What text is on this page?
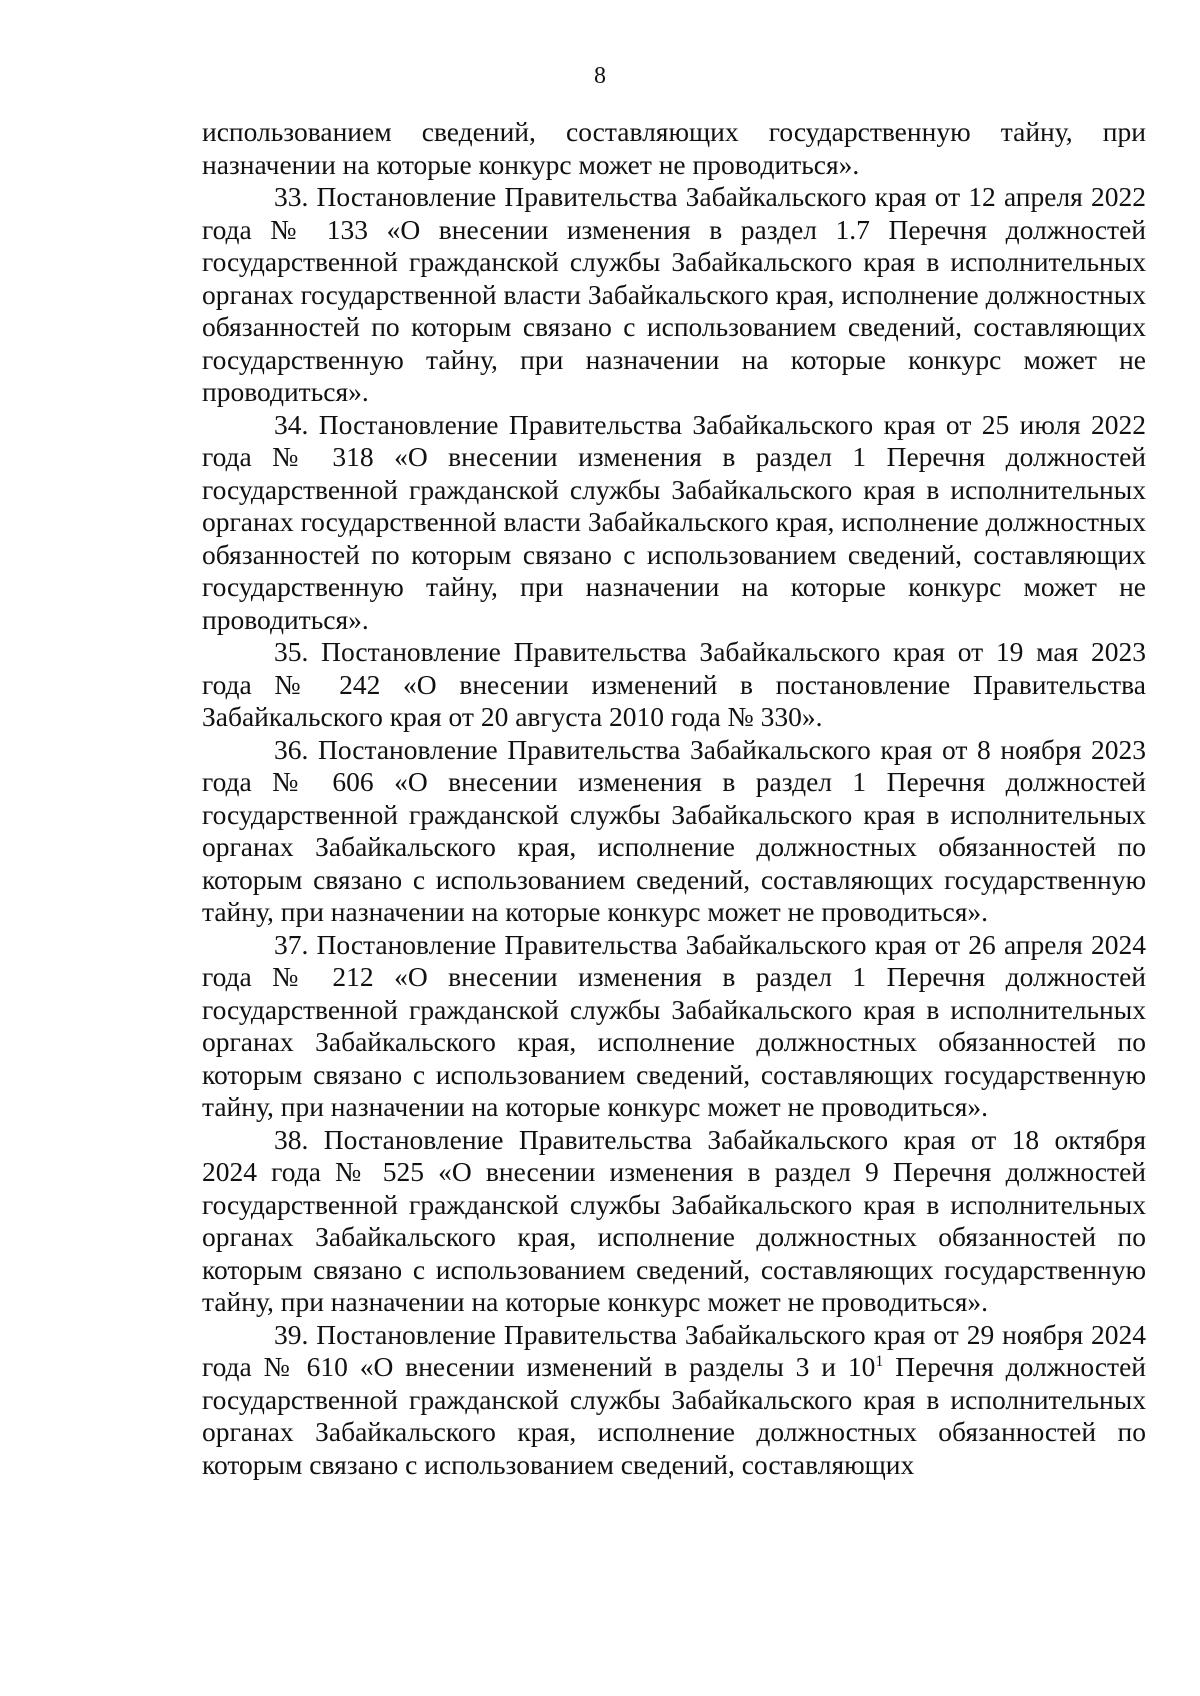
8

использованием сведений, составляющих государственную тайну, при назначении на которые конкурс может не проводиться».

33. Постановление Правительства Забайкальского края от 12 апреля 2022 года № 133 «О внесении изменения в раздел 1.7 Перечня должностей государственной гражданской службы Забайкальского края в исполнительных органах государственной власти Забайкальского края, исполнение должностных обязанностей по которым связано с использованием сведений, составляющих государственную тайну, при назначении на которые конкурс может не проводиться».

34. Постановление Правительства Забайкальского края от 25 июля 2022 года № 318 «О внесении изменения в раздел 1 Перечня должностей государственной гражданской службы Забайкальского края в исполнительных органах государственной власти Забайкальского края, исполнение должностных обязанностей по которым связано с использованием сведений, составляющих государственную тайну, при назначении на которые конкурс может не проводиться».

35. Постановление Правительства Забайкальского края от 19 мая 2023 года № 242 «О внесении изменений в постановление Правительства Забайкальского края от 20 августа 2010 года № 330».

36. Постановление Правительства Забайкальского края от 8 ноября 2023 года № 606 «О внесении изменения в раздел 1 Перечня должностей государственной гражданской службы Забайкальского края в исполнительных органах Забайкальского края, исполнение должностных обязанностей по которым связано с использованием сведений, составляющих государственную тайну, при назначении на которые конкурс может не проводиться».

37. Постановление Правительства Забайкальского края от 26 апреля 2024 года № 212 «О внесении изменения в раздел 1 Перечня должностей государственной гражданской службы Забайкальского края в исполнительных органах Забайкальского края, исполнение должностных обязанностей по которым связано с использованием сведений, составляющих государственную тайну, при назначении на которые конкурс может не проводиться».

38. Постановление Правительства Забайкальского края от 18 октября 2024 года № 525 «О внесении изменения в раздел 9 Перечня должностей государственной гражданской службы Забайкальского края в исполнительных органах Забайкальского края, исполнение должностных обязанностей по которым связано с использованием сведений, составляющих государственную тайну, при назначении на которые конкурс может не проводиться».

39. Постановление Правительства Забайкальского края от 29 ноября 2024 года № 610 «О внесении изменений в разделы 3 и $10^1$ Перечня должностей государственной гражданской службы Забайкальского края в исполнительных органах Забайкальского края, исполнение должностных обязанностей по которым связано с использованием сведений, составляющих
